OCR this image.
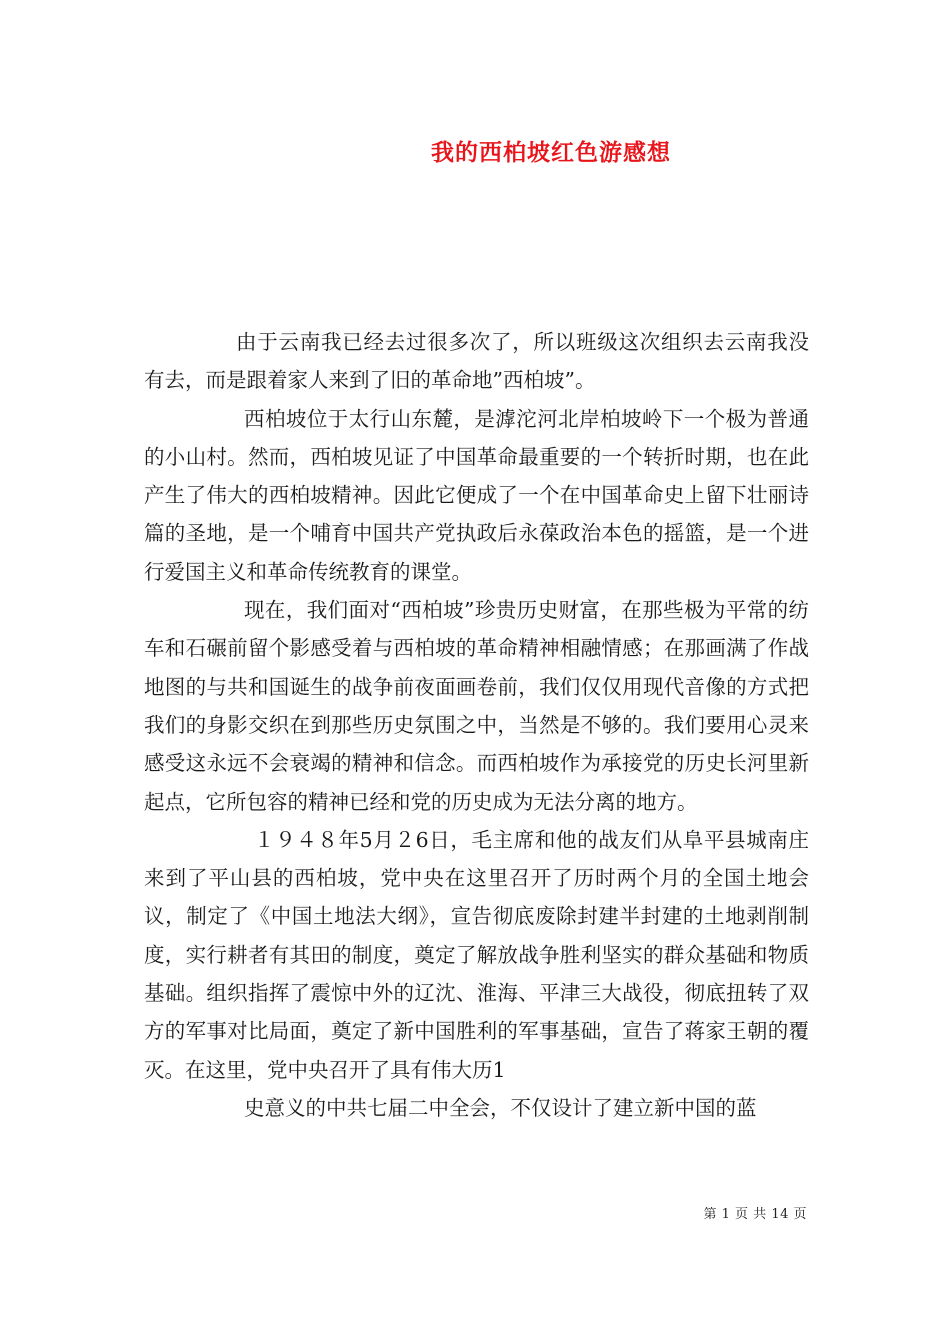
我的西柏坡红色游感想

由于云南我已经去过很多次了，所以班级这次组织去云南我没有去，而是跟着家人来到了旧的革命地”西柏坡”。

西柏坡位于太行山东麓，是滹沱河北岸柏坡岭下一个极为普通的小山村。然而，西柏坡见证了中国革命最重要的一个转折时期，也在此产生了伟大的西柏坡精神。因此它便成了一个在中国革命史上留下壮丽诗篇的圣地，是一个哺育中国共产党执政后永葆政治本色的摇篮，是一个进行爱国主义和革命传统教育的课堂。

现在，我们面对“西柏坡”珍贵历史财富，在那些极为平常的纺车和石碾前留个影感受着与西柏坡的革命精神相融情感；在那画满了作战地图的与共和国诞生的战争前夜面画卷前，我们仅仅用现代音像的方式把我们的身影交织在到那些历史氛围之中，当然是不够的。我们要用心灵来感受这永远不会衰竭的精神和信念。而西柏坡作为承接党的历史长河里新起点，它所包容的精神已经和党的历史成为无法分离的地方。

１９４８年5月２6日，毛主席和他的战友们从阜平县城南庄来到了平山县的西柏坡，党中央在这里召开了历时两个月的全国土地会议，制定了《中国土地法大纲》，宣告彻底废除封建半封建的土地剥削制度，实行耕者有其田的制度，奠定了解放战争胜利坚实的群众基础和物质基础。组织指挥了震惊中外的辽沈、淮海、平津三大战役，彻底扭转了双方的军事对比局面，奠定了新中国胜利的军事基础，宣告了蒋家王朝的覆灭。在这里，党中央召开了具有伟大历1

史意义的中共七届二中全会，不仅设计了建立新中国的蓝

第 1 页 共 14 页
